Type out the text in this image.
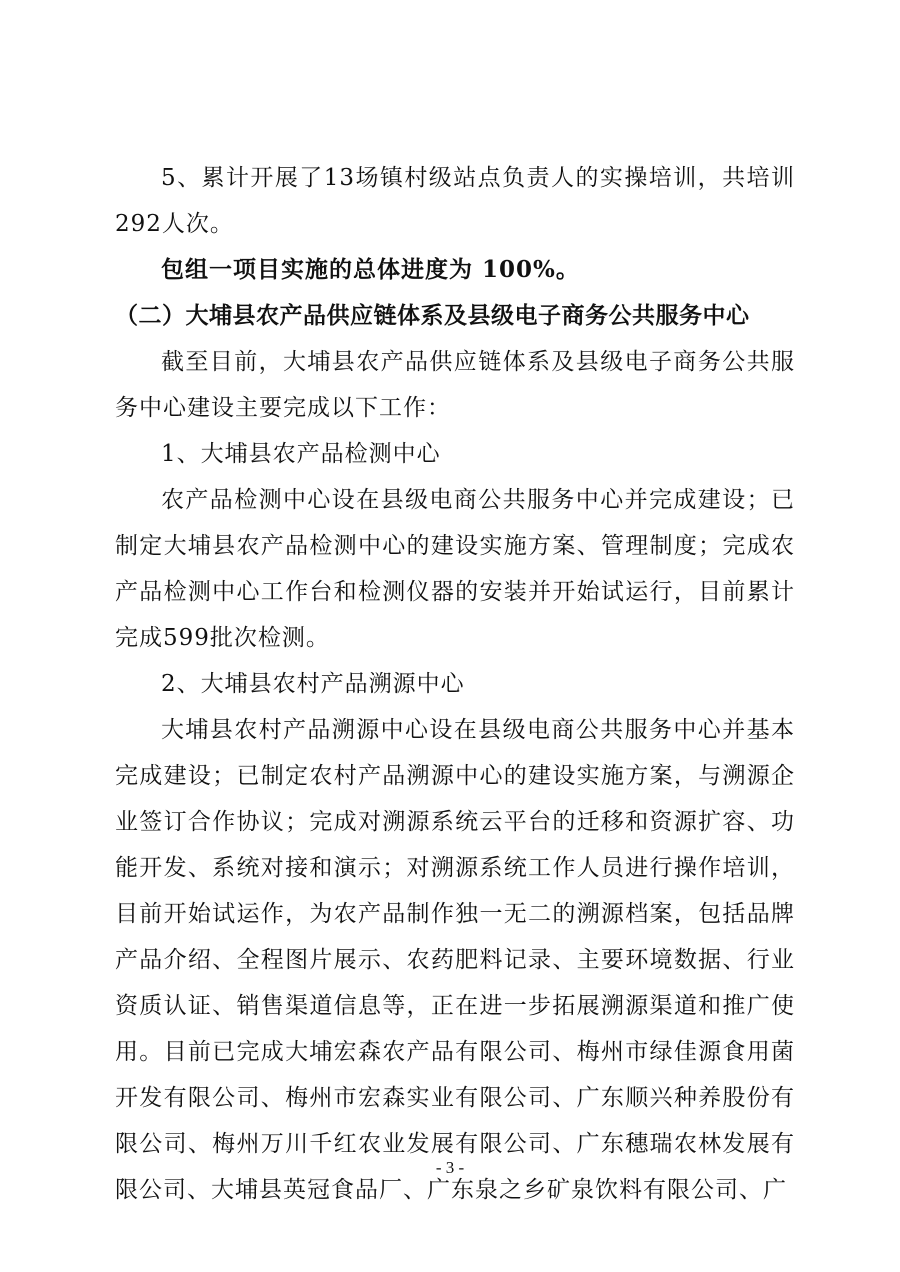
5、累计开展了13场镇村级站点负责人的实操培训，共培训292人次。

包组一项目实施的总体进度为 100%。

（二）大埔县农产品供应链体系及县级电子商务公共服务中心

截至目前，大埔县农产品供应链体系及县级电子商务公共服务中心建设主要完成以下工作：

1、大埔县农产品检测中心

农产品检测中心设在县级电商公共服务中心并完成建设；已制定大埔县农产品检测中心的建设实施方案、管理制度；完成农产品检测中心工作台和检测仪器的安装并开始试运行，目前累计完成599批次检测。

2、大埔县农村产品溯源中心

大埔县农村产品溯源中心设在县级电商公共服务中心并基本完成建设；已制定农村产品溯源中心的建设实施方案，与溯源企业签订合作协议；完成对溯源系统云平台的迁移和资源扩容、功能开发、系统对接和演示；对溯源系统工作人员进行操作培训，目前开始试运作，为农产品制作独一无二的溯源档案，包括品牌产品介绍、全程图片展示、农药肥料记录、主要环境数据、行业资质认证、销售渠道信息等，正在进一步拓展溯源渠道和推广使用。目前已完成大埔宏森农产品有限公司、梅州市绿佳源食用菌开发有限公司、梅州市宏森实业有限公司、广东顺兴种养股份有限公司、梅州万川千红农业发展有限公司、广东穗瑞农林发展有限公司、大埔县英冠食品厂、广东泉之乡矿泉饮料有限公司、广

- 3 -
